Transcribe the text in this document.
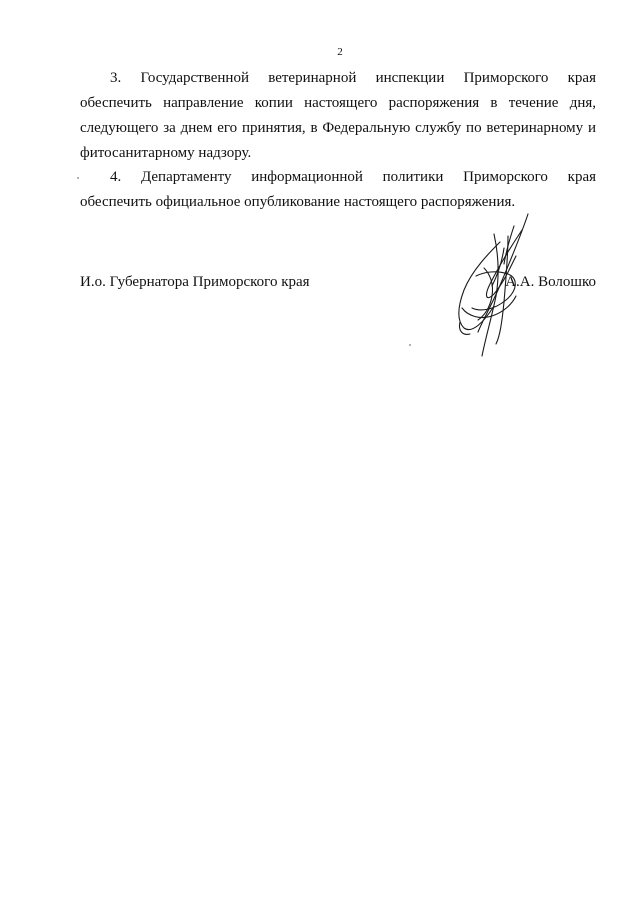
2
3. Государственной ветеринарной инспекции Приморского края
обеспечить направление копии настоящего распоряжения в течение дня,
следующего за днем его принятия, в Федеральную службу по ветеринарному и
фитосанитарному надзору.
4. Департаменту информационной политики Приморского края
обеспечить официальное опубликование настоящего распоряжения.
И.о. Губернатора Приморского края	А.А. Волошко
